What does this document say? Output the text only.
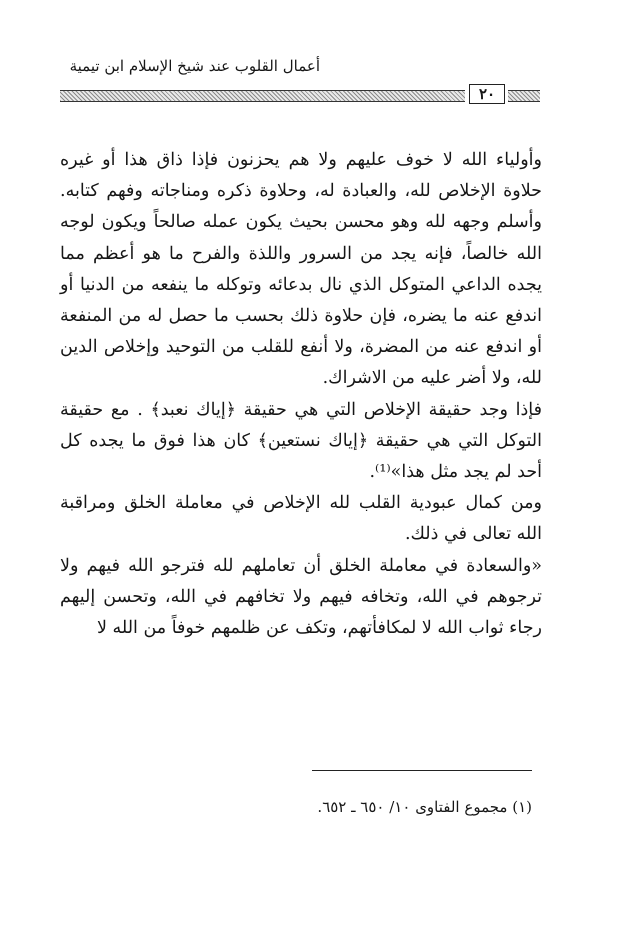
أعمال القلوب عند شيخ الإسلام ابن تيمية
٢٠

وأولياء الله لا خوف عليهم ولا هم يحزنون فإذا ذاق هذا أو غيره حلاوة الإخلاص لله، والعبادة له، وحلاوة ذكره ومناجاته وفهم كتابه. وأسلم وجهه لله وهو محسن بحيث يكون عمله صالحاً ويكون لوجه الله خالصاً، فإنه يجد من السرور واللذة والفرح ما هو أعظم مما يجده الداعي المتوكل الذي نال بدعائه وتوكله ما ينفعه من الدنيا أو اندفع عنه ما يضره، فإن حلاوة ذلك بحسب ما حصل له من المنفعة أو اندفع عنه من المضرة، ولا أنفع للقلب من التوحيد وإخلاص الدين لله، ولا أضر عليه من الاشراك.

فإذا وجد حقيقة الإخلاص التي هي حقيقة ﴿إياك نعبد﴾ . مع حقيقة التوكل التي هي حقيقة ﴿إياك نستعين﴾ كان هذا فوق ما يجده كل أحد لم يجد مثل هذا»⁽¹⁾.

ومن كمال عبودية القلب لله الإخلاص في معاملة الخلق ومراقبة الله تعالى في ذلك.

«والسعادة في معاملة الخلق أن تعاملهم لله فترجو الله فيهم ولا ترجوهم في الله، وتخافه فيهم ولا تخافهم في الله، وتحسن إليهم رجاء ثواب الله لا لمكافأتهم، وتكف عن ظلمهم خوفاً من الله لا

(١) مجموع الفتاوى ١٠/ ٦٥٠ ـ ٦٥٢.
